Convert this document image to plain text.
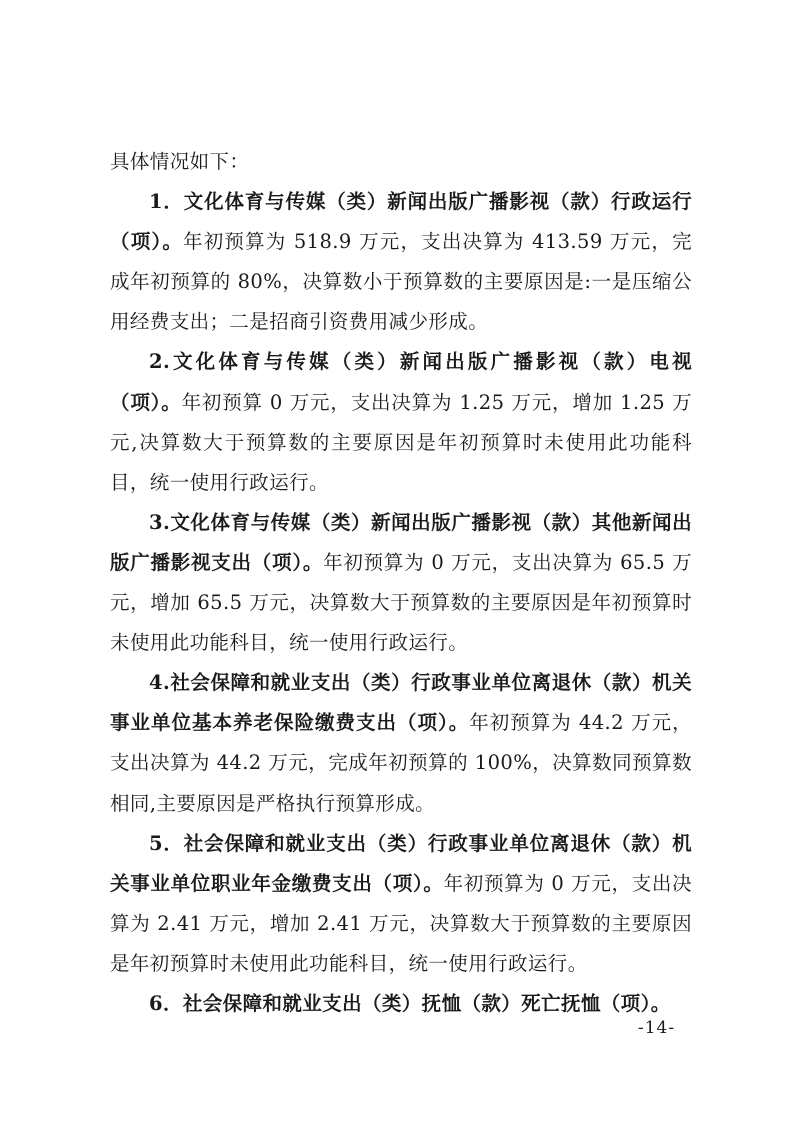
具体情况如下：

1．文化体育与传媒（类）新闻出版广播影视（款）行政运行（项）。年初预算为 518.9 万元，支出决算为 413.59 万元，完成年初预算的 80%，决算数小于预算数的主要原因是:一是压缩公用经费支出；二是招商引资费用减少形成。

2.文化体育与传媒（类）新闻出版广播影视（款）电视（项）。年初预算 0 万元，支出决算为 1.25 万元，增加 1.25 万元,决算数大于预算数的主要原因是年初预算时未使用此功能科目，统一使用行政运行。

3.文化体育与传媒（类）新闻出版广播影视（款）其他新闻出版广播影视支出（项）。年初预算为 0 万元，支出决算为 65.5 万元，增加 65.5 万元，决算数大于预算数的主要原因是年初预算时未使用此功能科目，统一使用行政运行。

4.社会保障和就业支出（类）行政事业单位离退休（款）机关事业单位基本养老保险缴费支出（项）。年初预算为 44.2 万元，支出决算为 44.2 万元，完成年初预算的 100%，决算数同预算数相同,主要原因是严格执行预算形成。

5．社会保障和就业支出（类）行政事业单位离退休（款）机关事业单位职业年金缴费支出（项）。年初预算为 0 万元，支出决算为 2.41 万元，增加 2.41 万元，决算数大于预算数的主要原因是年初预算时未使用此功能科目，统一使用行政运行。

6．社会保障和就业支出（类）抚恤（款）死亡抚恤（项）。

-14-
